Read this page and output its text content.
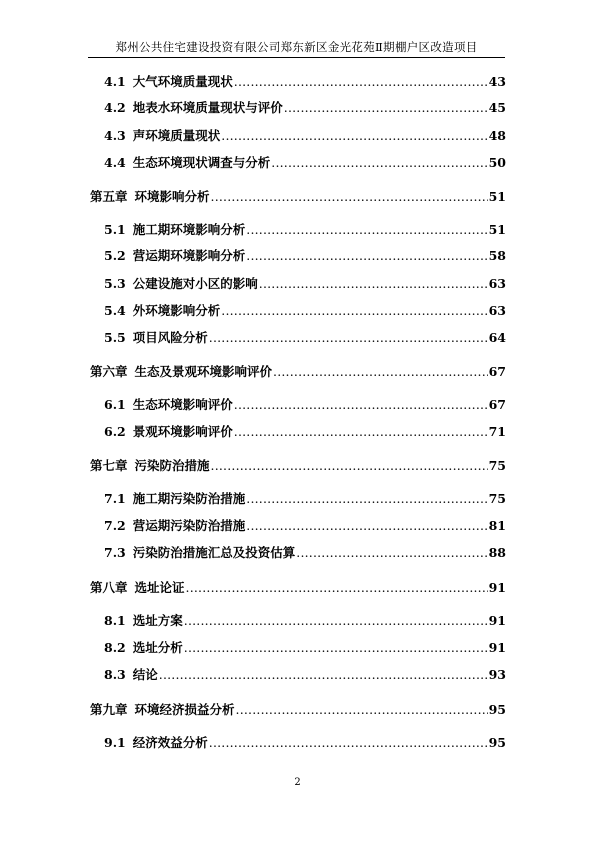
郑州公共住宅建设投资有限公司郑东新区金光花苑Ⅱ期棚户区改造项目
4.1 大气环境质量现状 .....	43
4.2 地表水环境质量现状与评价 .....	45
4.3 声环境质量现状 .....	48
4.4 生态环境现状调查与分析 .....	50
第五章 环境影响分析 .....	51
5.1 施工期环境影响分析 .....	51
5.2 营运期环境影响分析 .....	58
5.3 公建设施对小区的影响 .....	63
5.4 外环境影响分析 .....	63
5.5 项目风险分析 .....	64
第六章 生态及景观环境影响评价 .....	67
6.1 生态环境影响评价 .....	67
6.2 景观环境影响评价 .....	71
第七章 污染防治措施 .....	75
7.1 施工期污染防治措施 .....	75
7.2 营运期污染防治措施 .....	81
7.3 污染防治措施汇总及投资估算 .....	88
第八章 选址论证 .....	91
8.1 选址方案 .....	91
8.2 选址分析 .....	91
8.3 结论 .....	93
第九章 环境经济损益分析 .....	95
9.1 经济效益分析 .....	95
2
